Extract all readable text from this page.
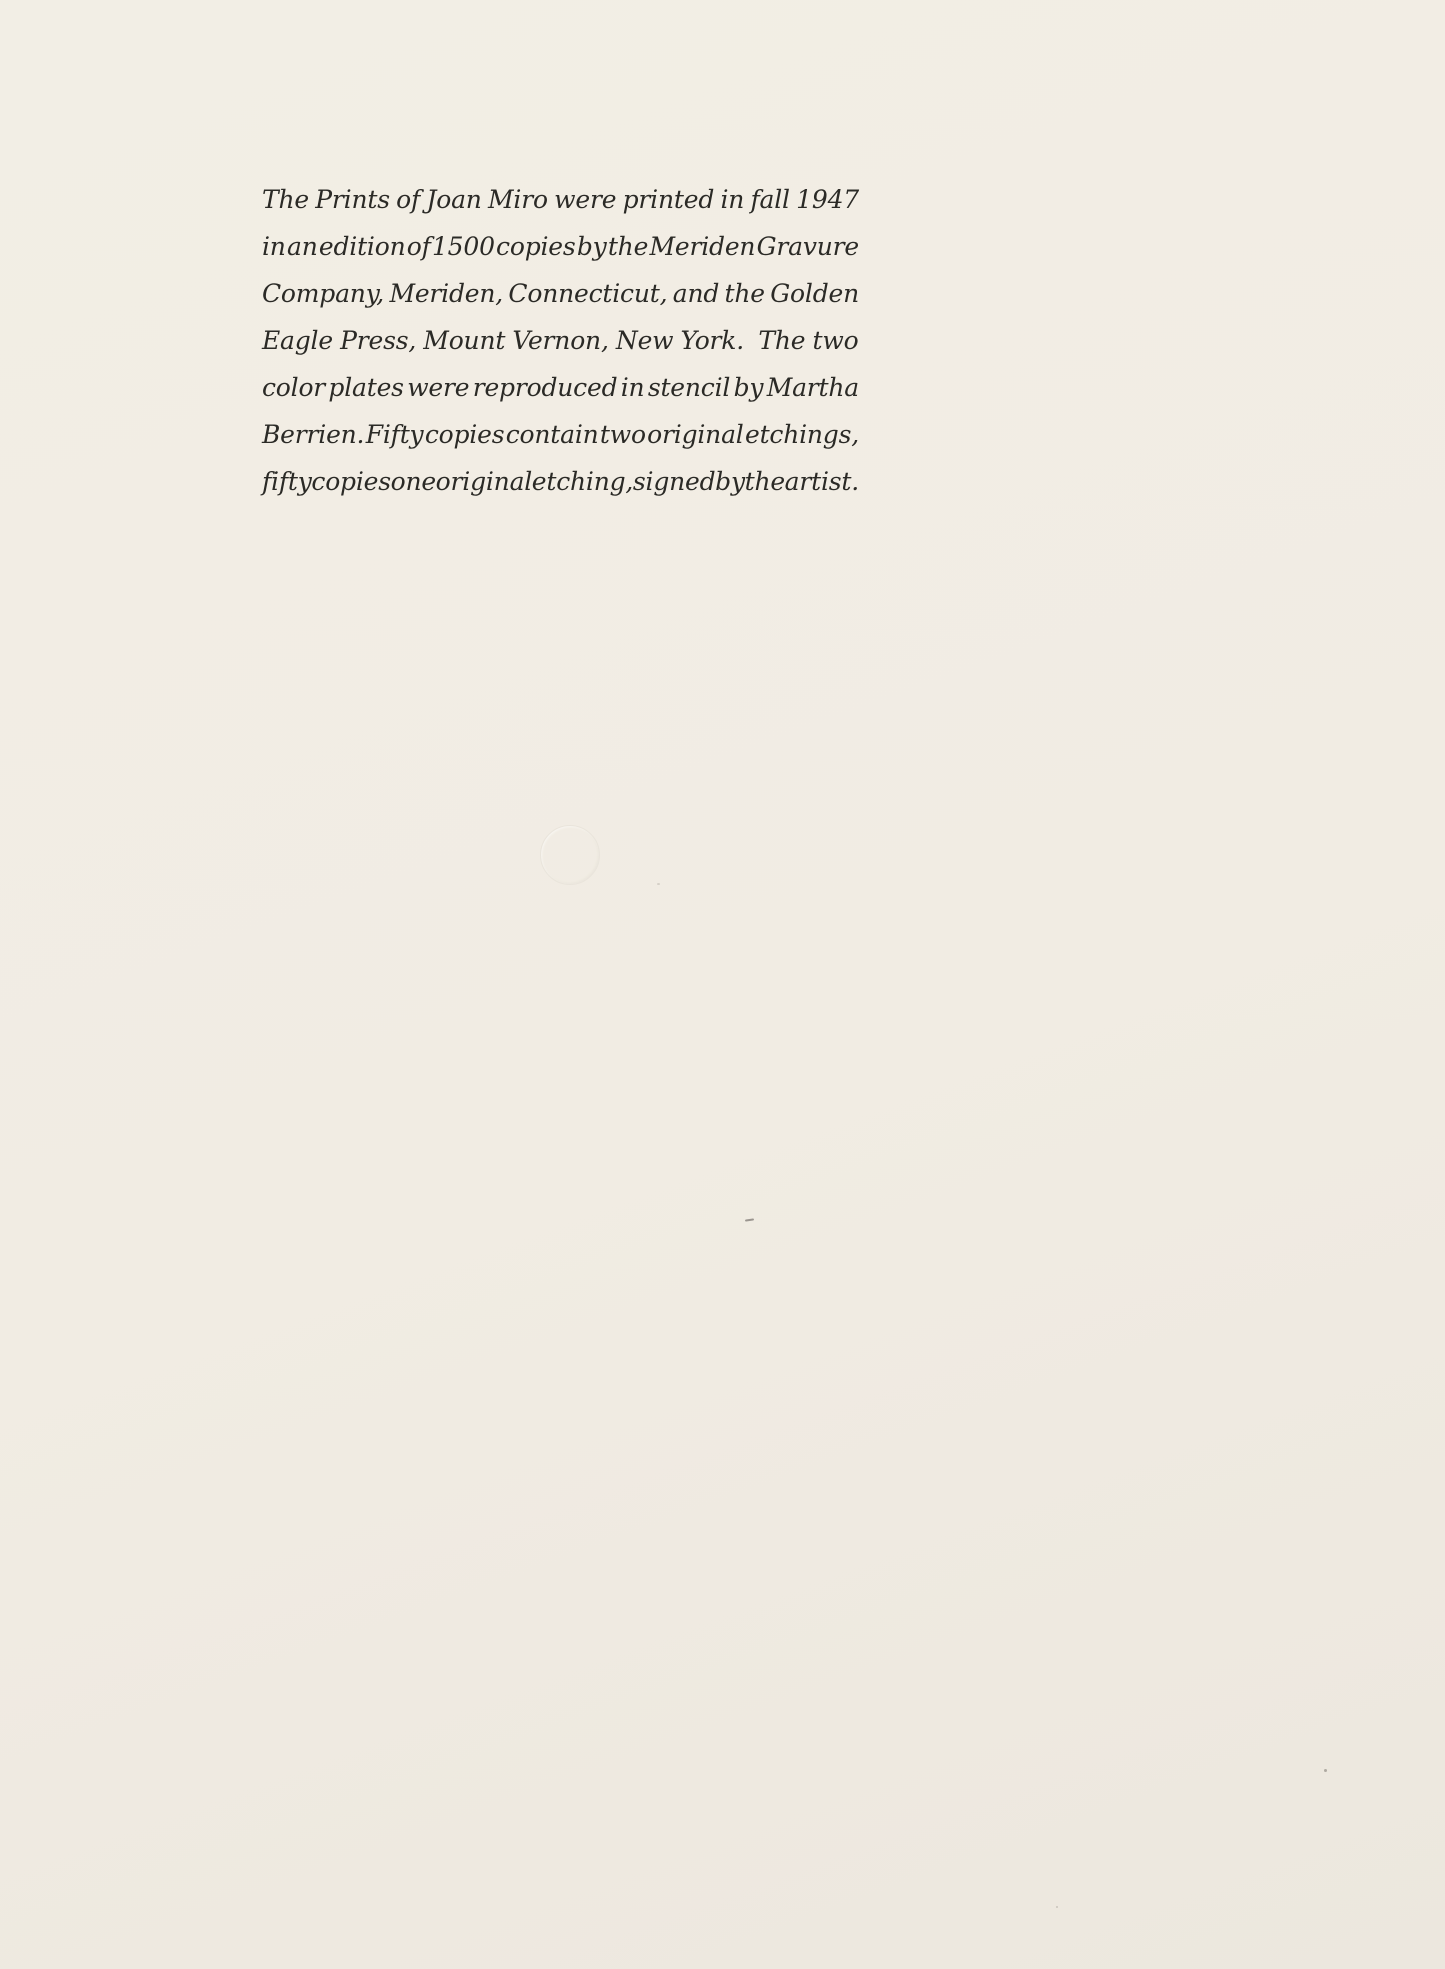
The Prints of Joan Miro were printed in fall 1947
in an edition of 1500 copies by the Meriden Gravure
Company, Meriden, Connecticut, and the Golden
Eagle Press, Mount Vernon, New York.  The two
color plates were reproduced in stencil by Martha
Berrien. Fifty copies contain two original etchings,
fifty copies one original etching, signed by the artist.
